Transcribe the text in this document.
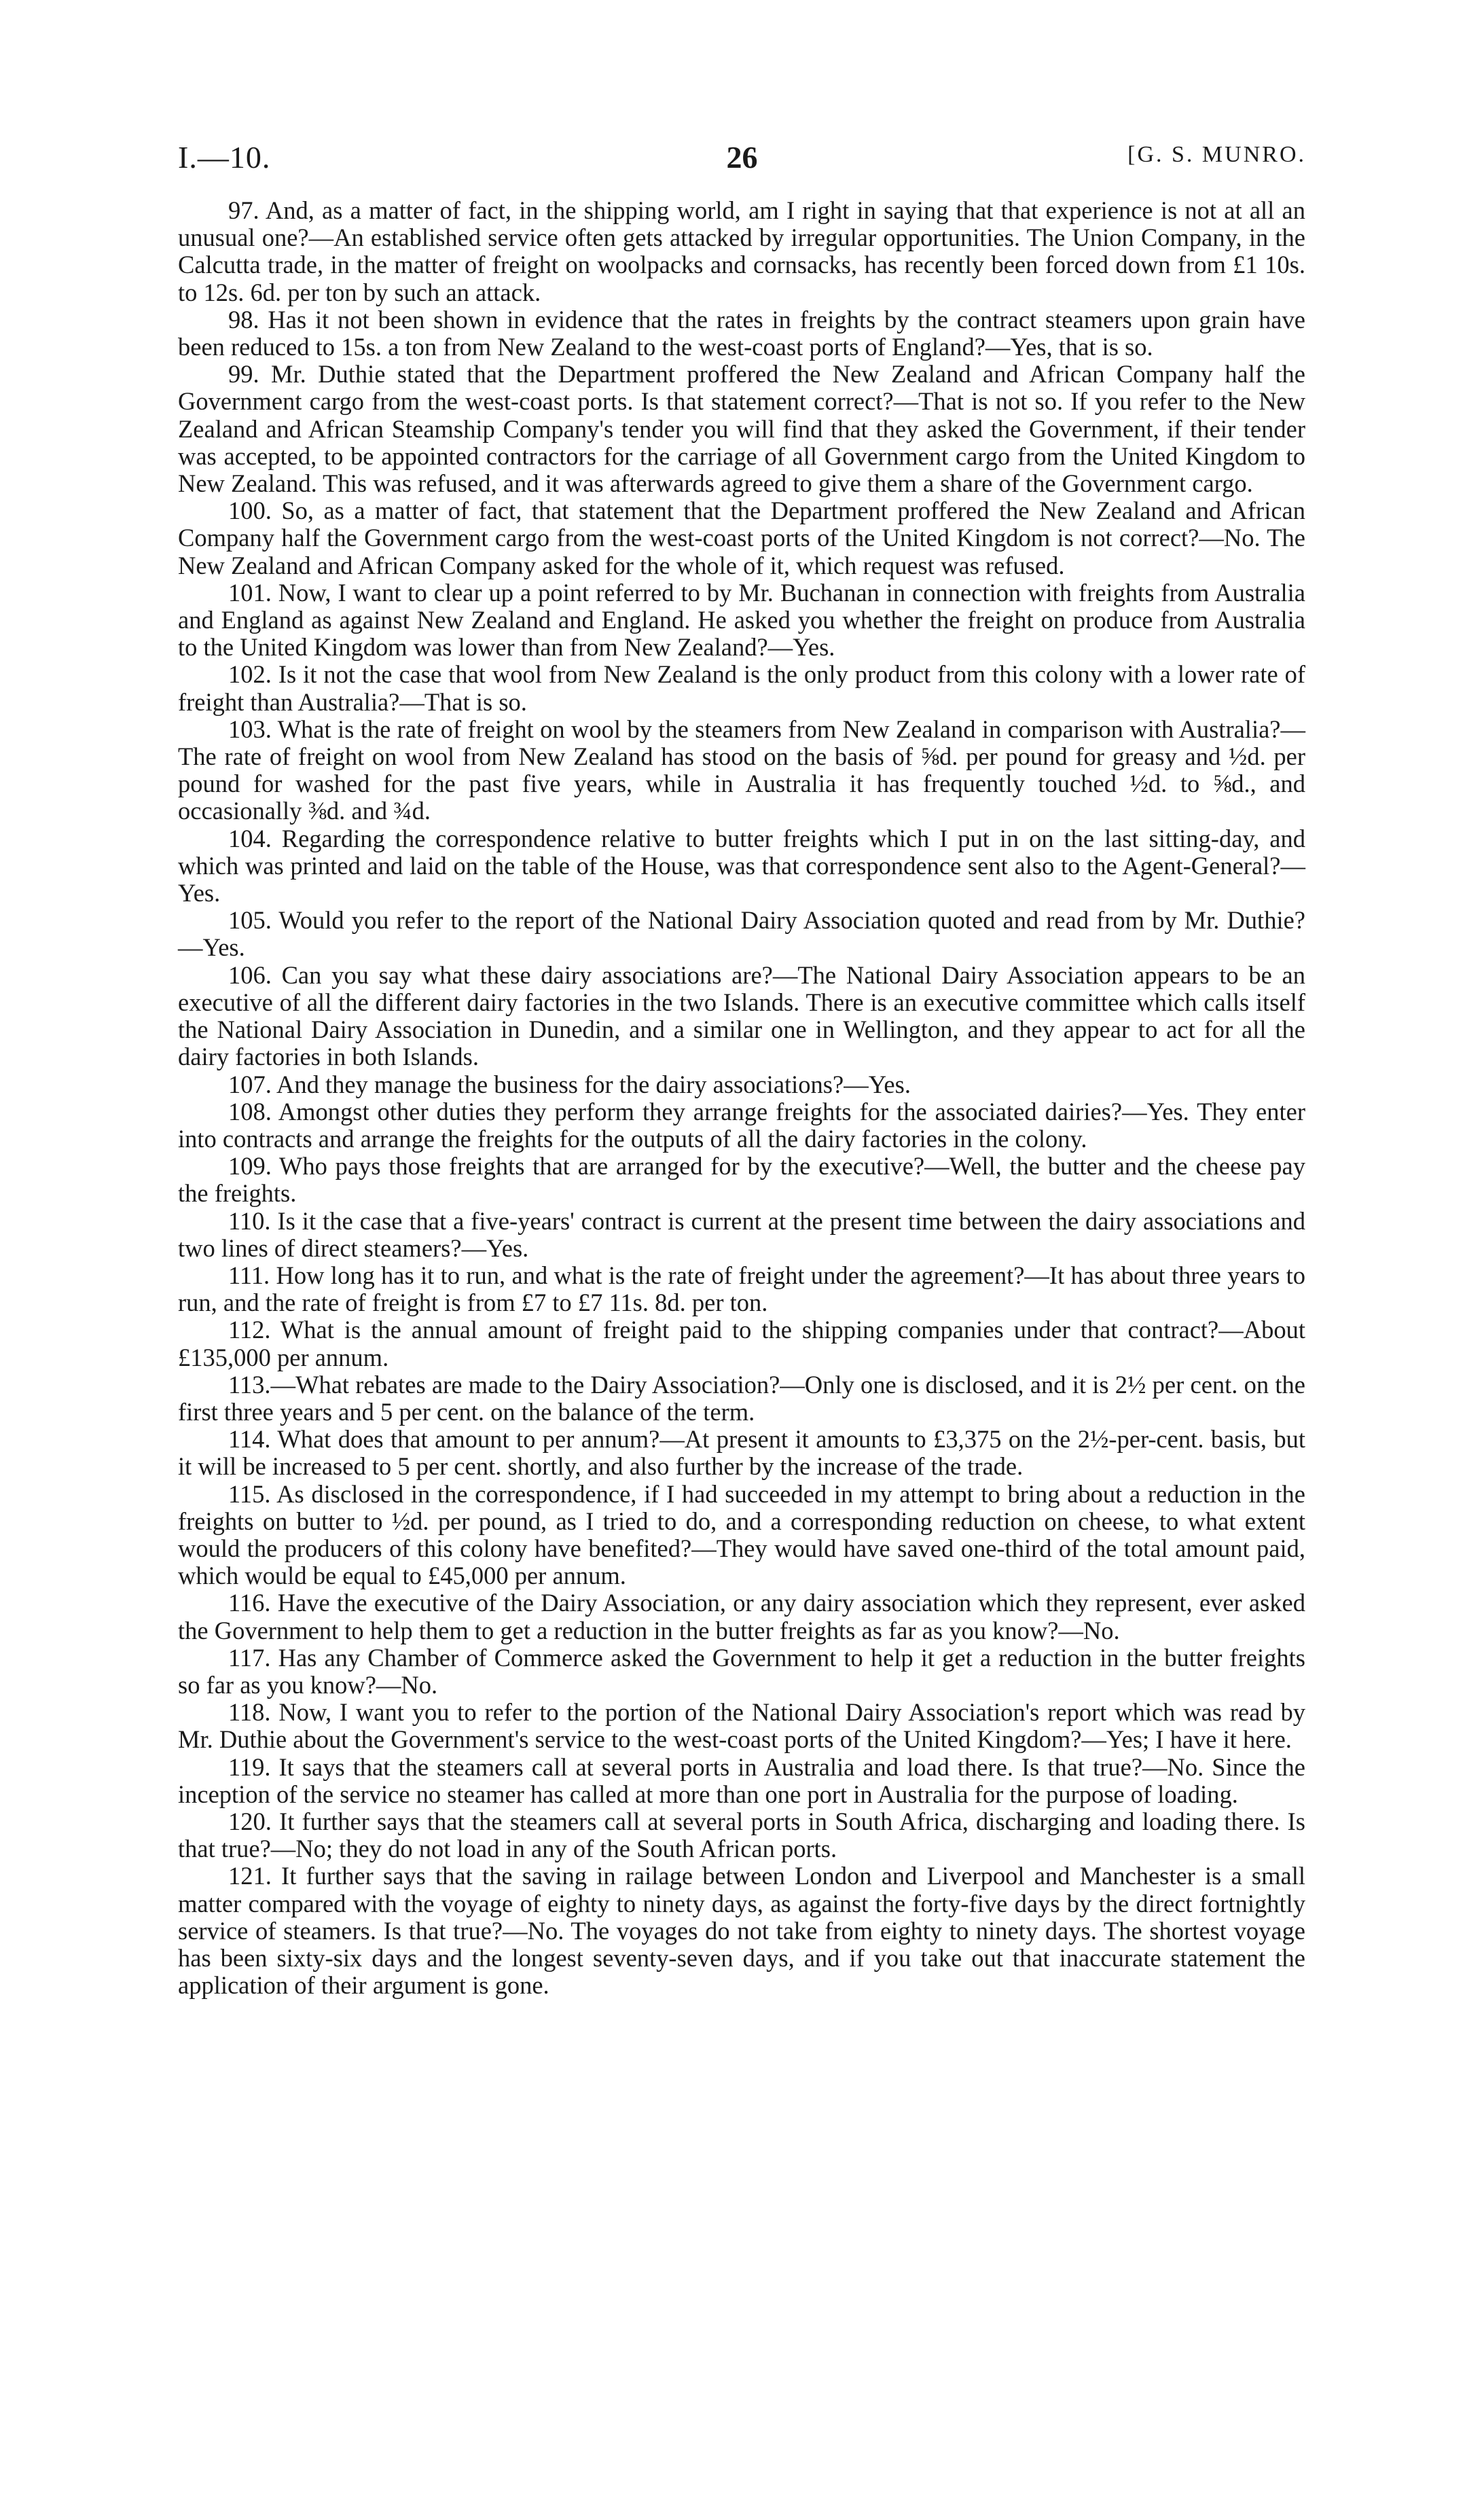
I.—10.	26	[G. S. MUNRO.

97. And, as a matter of fact, in the shipping world, am I right in saying that that experience is not at all an unusual one?—An established service often gets attacked by irregular opportunities. The Union Company, in the Calcutta trade, in the matter of freight on woolpacks and cornsacks, has recently been forced down from £1 10s. to 12s. 6d. per ton by such an attack.

98. Has it not been shown in evidence that the rates in freights by the contract steamers upon grain have been reduced to 15s. a ton from New Zealand to the west-coast ports of England?—Yes, that is so.

99. Mr. Duthie stated that the Department proffered the New Zealand and African Company half the Government cargo from the west-coast ports. Is that statement correct?—That is not so. If you refer to the New Zealand and African Steamship Company's tender you will find that they asked the Government, if their tender was accepted, to be appointed contractors for the carriage of all Government cargo from the United Kingdom to New Zealand. This was refused, and it was afterwards agreed to give them a share of the Government cargo.

100. So, as a matter of fact, that statement that the Department proffered the New Zealand and African Company half the Government cargo from the west-coast ports of the United Kingdom is not correct?—No. The New Zealand and African Company asked for the whole of it, which request was refused.

101. Now, I want to clear up a point referred to by Mr. Buchanan in connection with freights from Australia and England as against New Zealand and England. He asked you whether the freight on produce from Australia to the United Kingdom was lower than from New Zealand?—Yes.

102. Is it not the case that wool from New Zealand is the only product from this colony with a lower rate of freight than Australia?—That is so.

103. What is the rate of freight on wool by the steamers from New Zealand in comparison with Australia?—The rate of freight on wool from New Zealand has stood on the basis of ⅝d. per pound for greasy and ½d. per pound for washed for the past five years, while in Australia it has frequently touched ½d. to ⅝d., and occasionally ⅜d. and ¾d.

104. Regarding the correspondence relative to butter freights which I put in on the last sitting-day, and which was printed and laid on the table of the House, was that correspondence sent also to the Agent-General?—Yes.

105. Would you refer to the report of the National Dairy Association quoted and read from by Mr. Duthie?—Yes.

106. Can you say what these dairy associations are?—The National Dairy Association appears to be an executive of all the different dairy factories in the two Islands. There is an executive committee which calls itself the National Dairy Association in Dunedin, and a similar one in Wellington, and they appear to act for all the dairy factories in both Islands.

107. And they manage the business for the dairy associations?—Yes.

108. Amongst other duties they perform they arrange freights for the associated dairies?—Yes. They enter into contracts and arrange the freights for the outputs of all the dairy factories in the colony.

109. Who pays those freights that are arranged for by the executive?—Well, the butter and the cheese pay the freights.

110. Is it the case that a five-years' contract is current at the present time between the dairy associations and two lines of direct steamers?—Yes.

111. How long has it to run, and what is the rate of freight under the agreement?—It has about three years to run, and the rate of freight is from £7 to £7 11s. 8d. per ton.

112. What is the annual amount of freight paid to the shipping companies under that contract?—About £135,000 per annum.

113.—What rebates are made to the Dairy Association?—Only one is disclosed, and it is 2½ per cent. on the first three years and 5 per cent. on the balance of the term.

114. What does that amount to per annum?—At present it amounts to £3,375 on the 2½-per-cent. basis, but it will be increased to 5 per cent. shortly, and also further by the increase of the trade.

115. As disclosed in the correspondence, if I had succeeded in my attempt to bring about a reduction in the freights on butter to ½d. per pound, as I tried to do, and a corresponding reduction on cheese, to what extent would the producers of this colony have benefited?—They would have saved one-third of the total amount paid, which would be equal to £45,000 per annum.

116. Have the executive of the Dairy Association, or any dairy association which they represent, ever asked the Government to help them to get a reduction in the butter freights as far as you know?—No.

117. Has any Chamber of Commerce asked the Government to help it get a reduction in the butter freights so far as you know?—No.

118. Now, I want you to refer to the portion of the National Dairy Association's report which was read by Mr. Duthie about the Government's service to the west-coast ports of the United Kingdom?—Yes; I have it here.

119. It says that the steamers call at several ports in Australia and load there. Is that true?—No. Since the inception of the service no steamer has called at more than one port in Australia for the purpose of loading.

120. It further says that the steamers call at several ports in South Africa, discharging and loading there. Is that true?—No; they do not load in any of the South African ports.

121. It further says that the saving in railage between London and Liverpool and Manchester is a small matter compared with the voyage of eighty to ninety days, as against the forty-five days by the direct fortnightly service of steamers. Is that true?—No. The voyages do not take from eighty to ninety days. The shortest voyage has been sixty-six days and the longest seventy-seven days, and if you take out that inaccurate statement the application of their argument is gone.
